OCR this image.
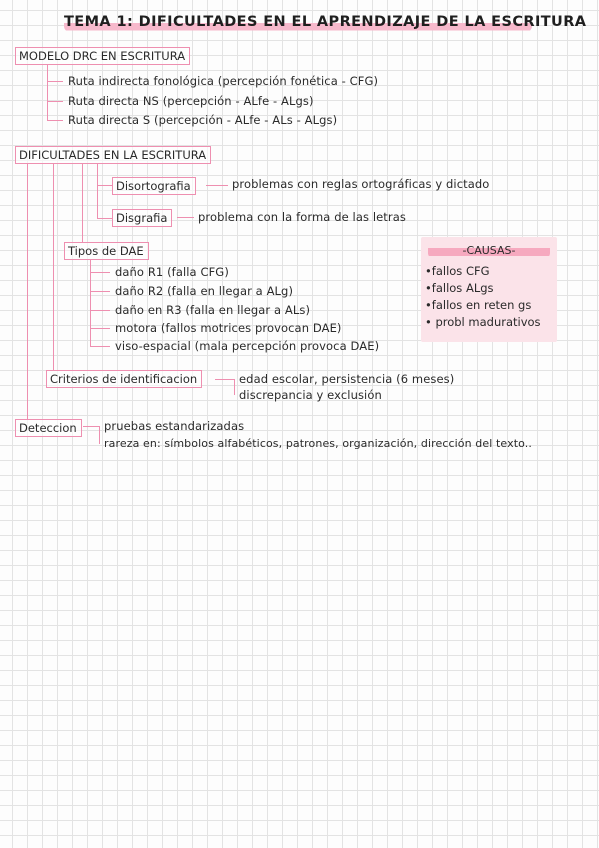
TEMA 1: DIFICULTADES EN EL APRENDIZAJE DE LA ESCRITURA
MODELO DRC EN ESCRITURA
Ruta indirecta fonológica (percepción fonética - CFG)
Ruta directa NS (percepción - ALfe - ALgs)
Ruta directa S (percepción - ALfe - ALs - ALgs)
DIFICULTADES EN LA ESCRITURA
Disortografia	problemas con reglas ortográficas y dictado
Disgrafia	problema con la forma de las letras
Tipos de DAE
daño R1 (falla CFG)
daño R2 (falla en llegar a ALg)
daño en R3 (falla en llegar a ALs)
motora (fallos motrices provocan DAE)
viso-espacial (mala percepción provoca DAE)
-CAUSAS-
•fallos CFG
•fallos ALgs
•fallos en reten gs
• probl madurativos
Criterios de identificacion	edad escolar, persistencia (6 meses)
discrepancia y exclusión
Deteccion	pruebas estandarizadas
rareza en: símbolos alfabéticos, patrones, organización, dirección del texto..
